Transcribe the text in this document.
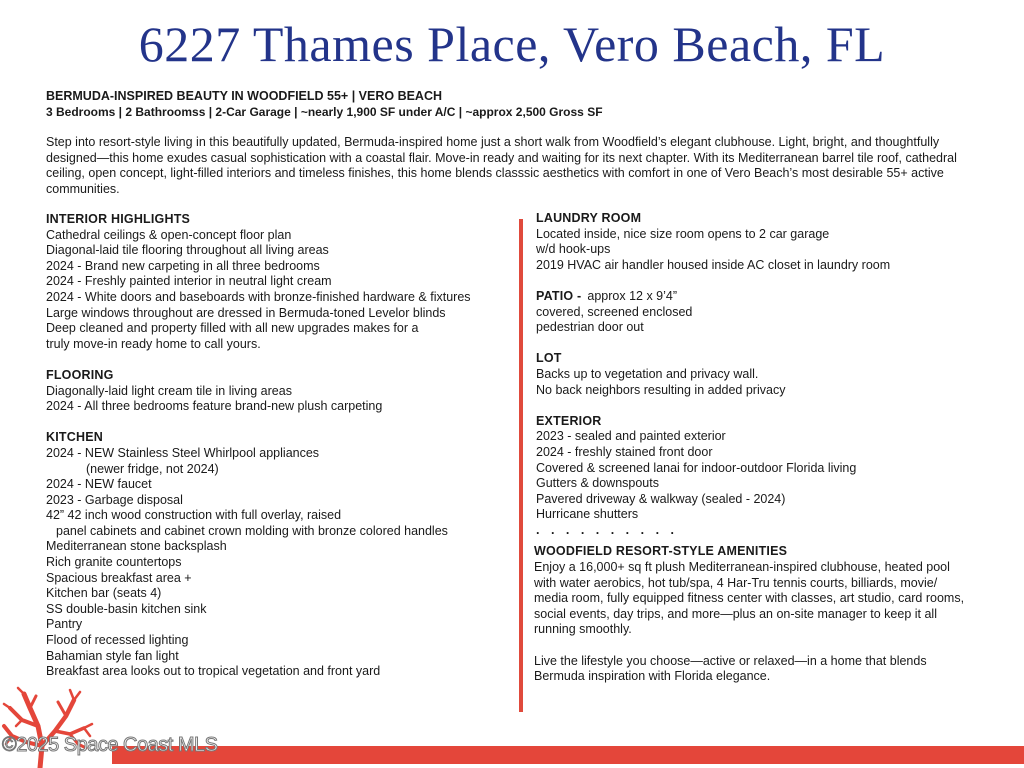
6227 Thames Place, Vero Beach, FL
BERMUDA-INSPIRED BEAUTY IN WOODFIELD 55+ | VERO BEACH
3 Bedrooms | 2 Bathroomss | 2-Car Garage | ~nearly 1,900 SF under A/C | ~approx 2,500 Gross SF
Step into resort-style living in this beautifully updated, Bermuda-inspired home just a short walk from Woodfield’s elegant clubhouse. Light, bright, and thoughtfully designed—this home exudes casual sophistication with a coastal flair. Move-in ready and waiting for its next chapter. With its Mediterranean barrel tile roof, cathedral ceiling, open concept, light-filled interiors and timeless finishes, this home blends classsic aesthetics with comfort in one of Vero Beach’s most desirable 55+ active communities.
INTERIOR HIGHLIGHTS
Cathedral ceilings & open-concept floor plan
Diagonal-laid tile flooring throughout all living areas
2024 - Brand new carpeting in all three bedrooms
2024 - Freshly painted interior in neutral light cream
2024 - White doors and baseboards with bronze-finished hardware & fixtures
Large windows throughout are dressed in Bermuda-toned Levelor blinds
Deep cleaned and property filled with all new upgrades makes for a
truly move-in ready home to call yours.
FLOORING
Diagonally-laid light cream tile in living areas
2024 - All three bedrooms feature brand-new plush carpeting
KITCHEN
2024 - NEW Stainless Steel Whirlpool appliances
(newer fridge, not 2024)
2024 - NEW faucet
2023 - Garbage disposal
42” 42 inch wood construction with full overlay, raised
panel cabinets and cabinet crown molding with bronze colored handles
Mediterranean stone backsplash
Rich granite countertops
Spacious breakfast area +
Kitchen bar (seats 4)
SS double-basin kitchen sink
Pantry
Flood of recessed lighting
Bahamian style fan light
Breakfast area looks out to tropical vegetation and front yard
LAUNDRY ROOM
Located inside, nice size room opens to 2 car garage
w/d hook-ups
2019 HVAC air handler housed inside AC closet in laundry room
PATIO - approx 12 x 9’4”
covered, screened enclosed
pedestrian door out
LOT
Backs up to vegetation and privacy wall.
No back neighbors resulting in added privacy
EXTERIOR
2023 - sealed and painted exterior
2024 - freshly stained front door
Covered & screened lanai for indoor-outdoor Florida living
Gutters & downspouts
Pavered driveway & walkway (sealed - 2024)
Hurricane shutters
. . . . . . . . . .
WOODFIELD RESORT-STYLE AMENITIES
Enjoy a 16,000+ sq ft plush Mediterranean-inspired clubhouse, heated pool
with water aerobics, hot tub/spa, 4 Har-Tru tennis courts, billiards, movie/
media room, fully equipped fitness center with classes, art studio, card rooms,
social events, day trips, and more—plus an on-site manager to keep it all
running smoothly.
Live the lifestyle you choose—active or relaxed—in a home that blends
Bermuda inspiration with Florida elegance.
©2025 Space Coast MLS
